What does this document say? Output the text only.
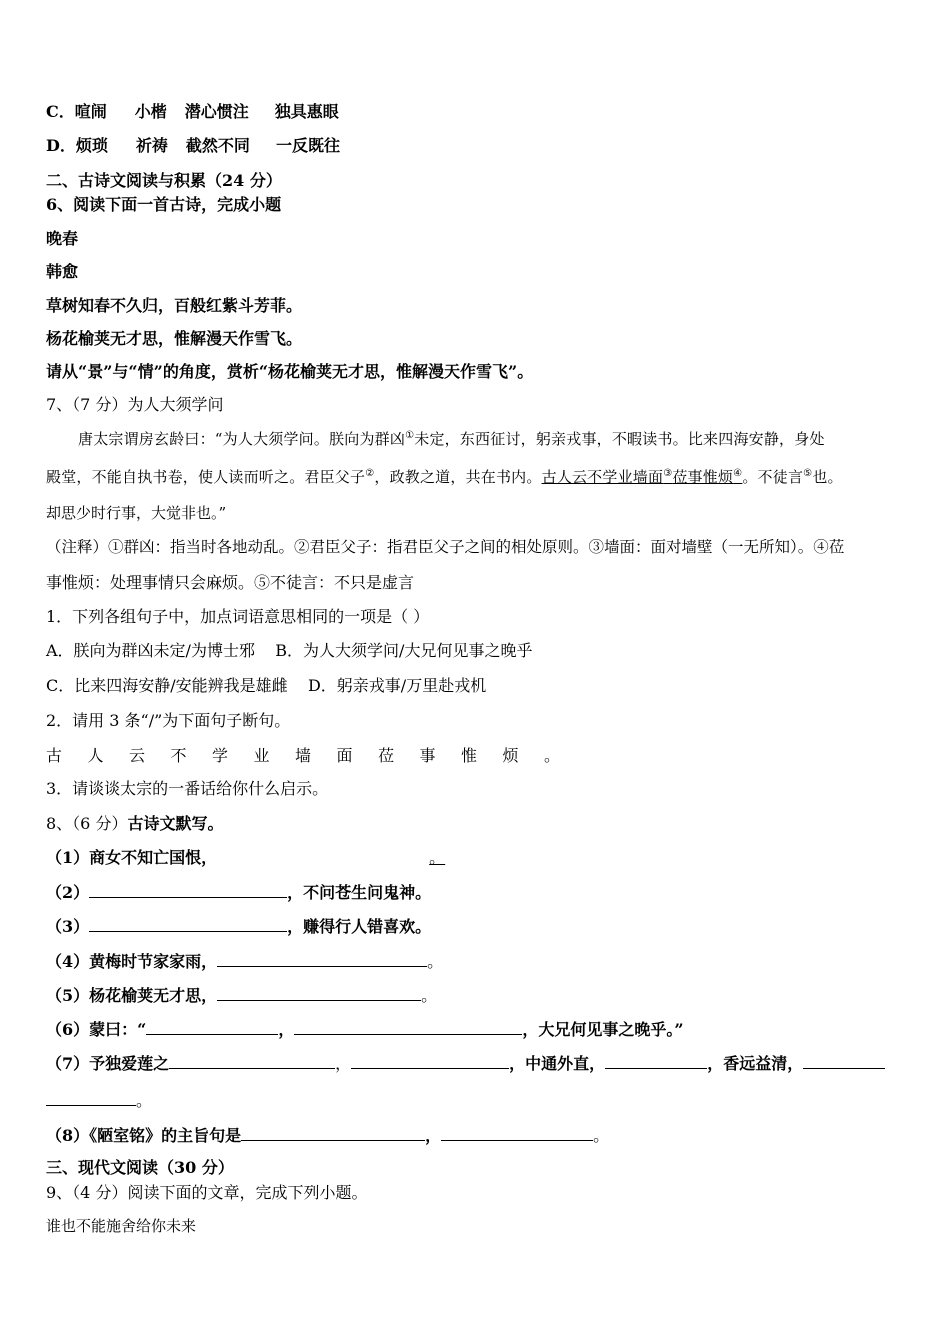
C．喧闹 小楷 潜心惯注 独具惠眼
D．烦琐 祈祷 截然不同 一反既往
二、古诗文阅读与积累（24 分）
6、阅读下面一首古诗，完成小题
晚春
韩愈
草树知春不久归，百般红紫斗芳菲。
杨花榆荚无才思，惟解漫天作雪飞。
请从“景”与“情”的角度，赏析“杨花榆荚无才思，惟解漫天作雪飞”。
7、（7 分）为人大须学问
唐太宗谓房玄龄曰：“为人大须学问。朕向为群凶①未定，东西征讨，躬亲戎事，不暇读书。比来四海安静，身处
殿堂，不能自执书卷，使人读而听之。君臣父子②，政教之道，共在书内。古人云不学业墙面③莅事惟烦④。不徒言⑤也。
却思少时行事，大觉非也。”
（注释）①群凶：指当时各地动乱。②君臣父子：指君臣父子之间的相处原则。③墙面：面对墙壁（一无所知）。④莅
事惟烦：处理事情只会麻烦。⑤不徒言：不只是虚言
1．下列各组句子中，加点词语意思相同的一项是（ ）
A．朕向为群凶未定/为博士邪    B．为人大须学问/大兄何见事之晚乎
C．比来四海安静/安能辨我是雄雌    D．躬亲戎事/万里赴戎机
2．请用 3 条“/”为下面句子断句。
古 人 云 不 学 业 墙 面 莅 事 惟 烦 。
3．请谈谈太宗的一番话给你什么启示。
8、（6 分）古诗文默写。
（1）商女不知亡国恨，	。
（2）	，不问苍生问鬼神。
（3）	，赚得行人错喜欢。
（4）黄梅时节家家雨，	。
（5）杨花榆荚无才思，	。
（6）蒙曰：“	，	，大兄何见事之晚乎。”
（7）予独爱莲之	，	，中通外直，	，香远益清，
。
（8）《陋室铭》的主旨句是	，	。
三、现代文阅读（30 分）
9、（4 分）阅读下面的文章，完成下列小题。
谁也不能施舍给你未来
